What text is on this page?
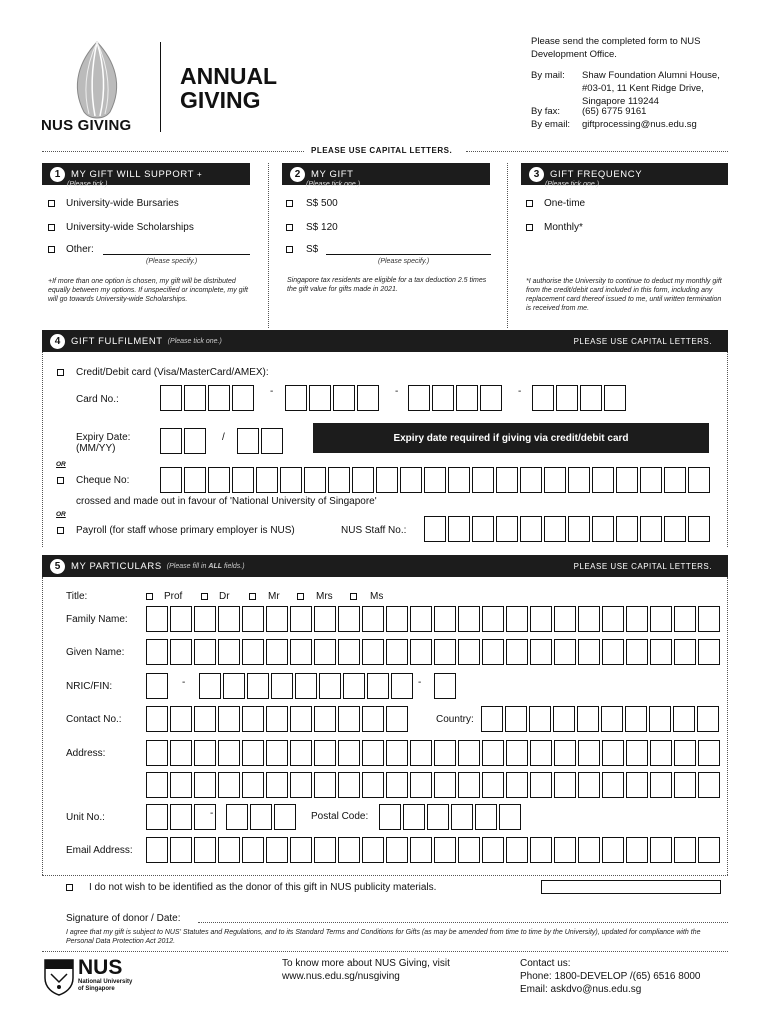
NUS GIVING
ANNUAL
GIVING
Please send the completed form to NUS Development Office.
By mail: Shaw Foundation Alumni House, #03-01, 11 Kent Ridge Drive, Singapore 119244
By fax: (65) 6775 9161
By email: giftprocessing@nus.edu.sg
PLEASE USE CAPITAL LETTERS.
1	MY GIFT WILL SUPPORT +
(Please tick.)
2	MY GIFT
(Please tick one.)
3	GIFT FREQUENCY
(Please tick one.)
University-wide Bursaries
University-wide Scholarships
Other:
(Please specify.)
+If more than one option is chosen, my gift will be distributed equally between my options. If unspecified or incomplete, my gift will go towards University-wide Scholarships.
S$ 500
S$ 120
S$
(Please specify.)
Singapore tax residents are eligible for a tax deduction 2.5 times the gift value for gifts made in 2021.
One-time
Monthly*
*I authorise the University to continue to deduct my monthly gift from the credit/debit card included in this form, including any replacement card thereof issued to me, until written termination is received from me.
4	GIFT FULFILMENT (Please tick one.)	PLEASE USE CAPITAL LETTERS.
Credit/Debit card (Visa/MasterCard/AMEX):
Card No.:
-	-	-
Expiry Date: (MM/YY)
/	Expiry date required if giving via credit/debit card
OR
Cheque No:
crossed and made out in favour of 'National University of Singapore'
OR
Payroll (for staff whose primary employer is NUS)	NUS Staff No.:
5	MY PARTICULARS (Please fill in ALL fields.)	PLEASE USE CAPITAL LETTERS.
Title:	Prof	Dr	Mr	Mrs	Ms
Family Name:
Given Name:
NRIC/FIN:	-	-
Contact No.:	Country:
Address:
Unit No.:	-	Postal Code:
Email Address:
I do not wish to be identified as the donor of this gift in NUS publicity materials.
Signature of donor / Date:
I agree that my gift is subject to NUS' Statutes and Regulations, and to its Standard Terms and Conditions for Gifts (as may be amended from time to time by the University), updated for compliance with the Personal Data Protection Act 2012.
NUS
National University of Singapore
To know more about NUS Giving, visit www.nus.edu.sg/nusgiving
Contact us:
Phone: 1800-DEVELOP /(65) 6516 8000
Email: askdvo@nus.edu.sg
